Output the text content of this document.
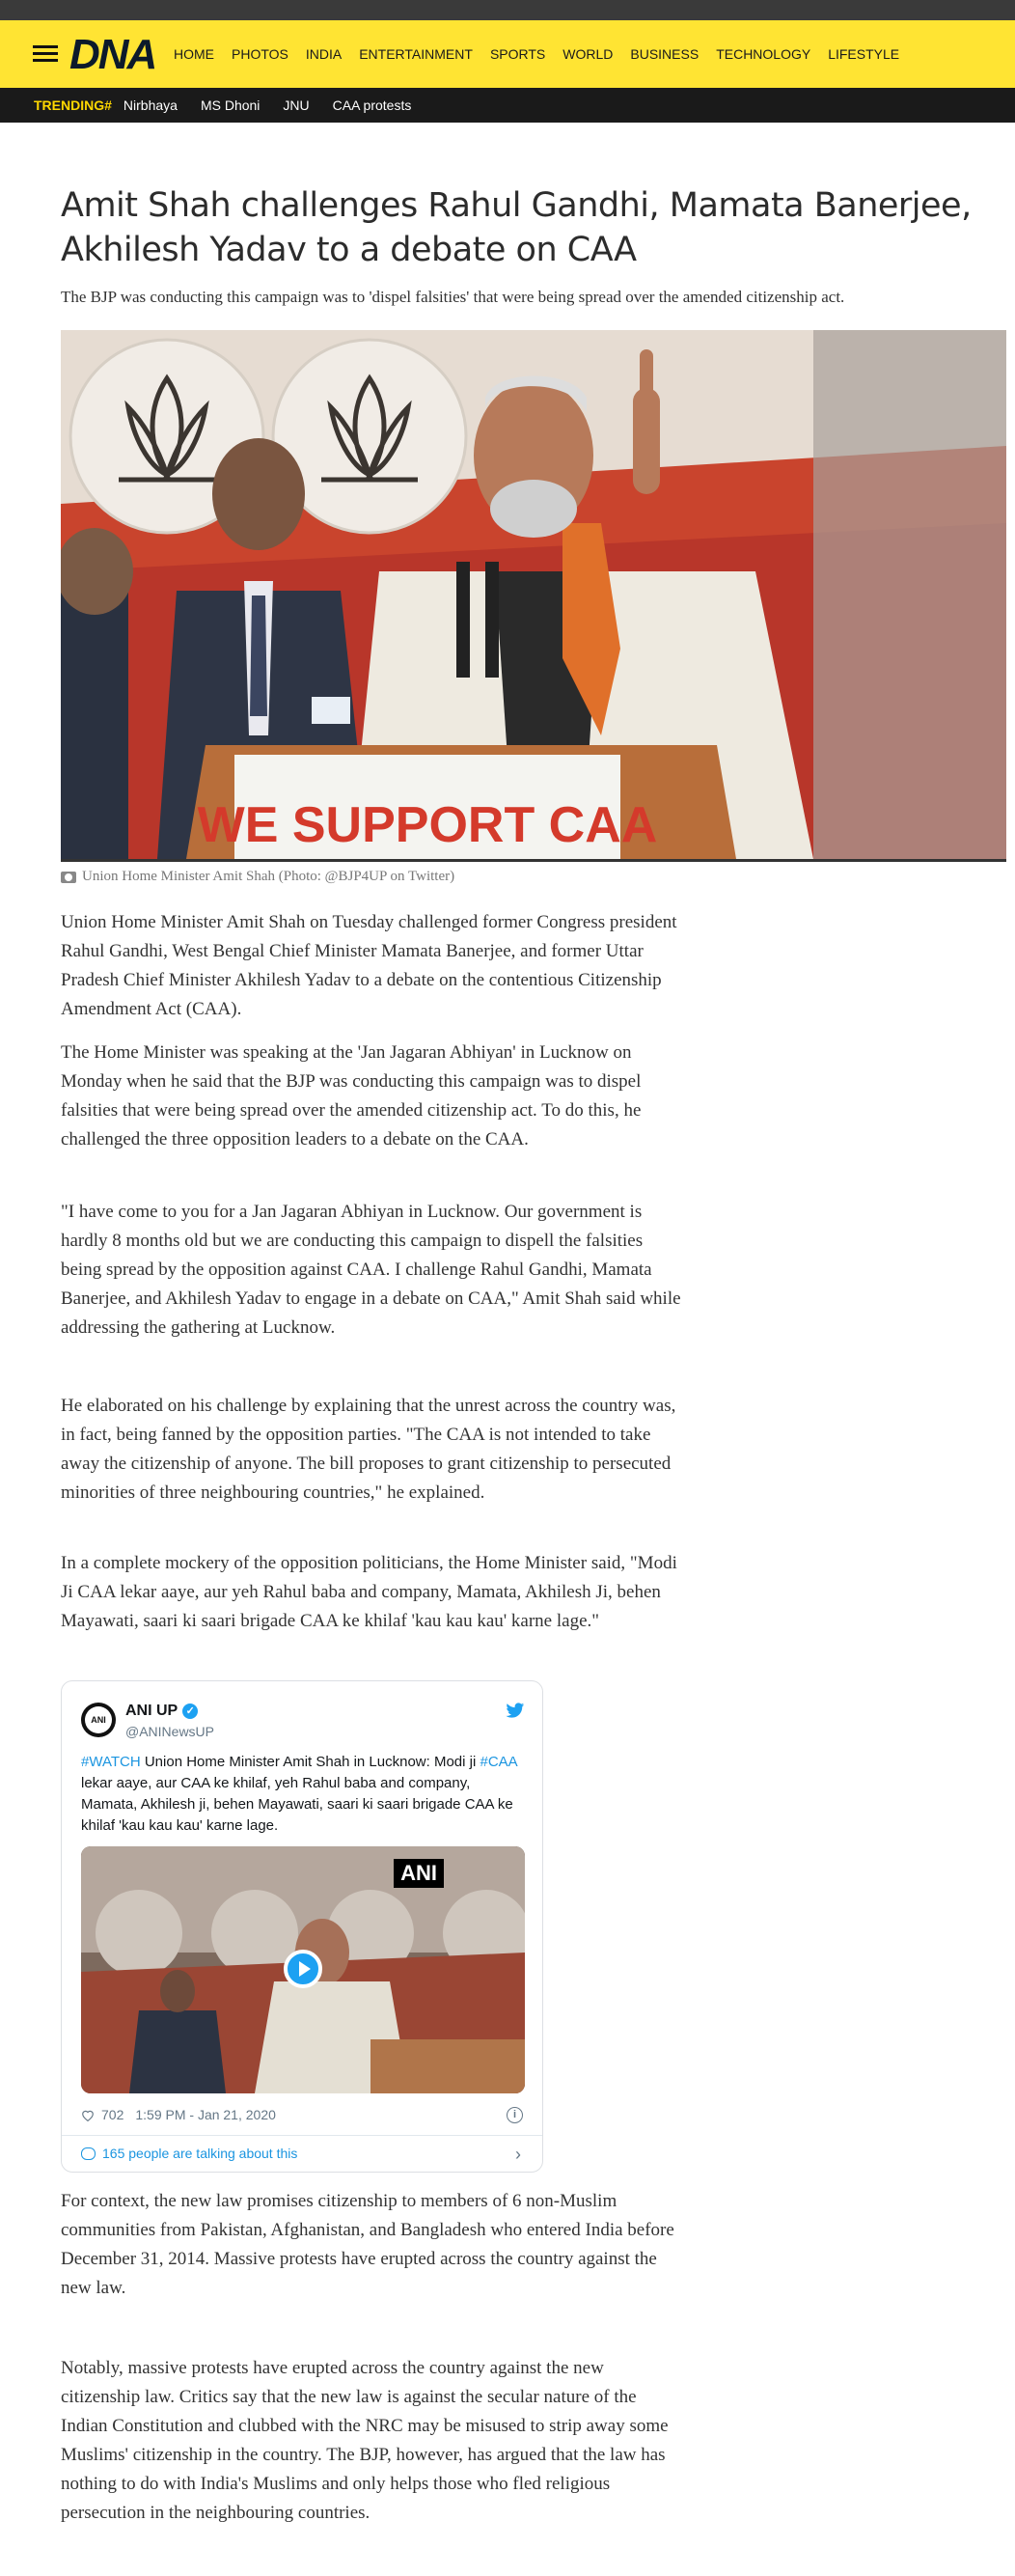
DNA HOME PHOTOS INDIA ENTERTAINMENT SPORTS WORLD BUSINESS TECHNOLOGY LIFESTYLE
TRENDING# Nirbhaya MS Dhoni JNU CAA protests
Amit Shah challenges Rahul Gandhi, Mamata Banerjee, Akhilesh Yadav to a debate on CAA

The BJP was conducting this campaign was to 'dispel falsities' that were being spread over the amended citizenship act.

WE SUPPORT CAA
Union Home Minister Amit Shah (Photo: @BJP4UP on Twitter)

Union Home Minister Amit Shah on Tuesday challenged former Congress president Rahul Gandhi, West Bengal Chief Minister Mamata Banerjee, and former Uttar Pradesh Chief Minister Akhilesh Yadav to a debate on the contentious Citizenship Amendment Act (CAA).

The Home Minister was speaking at the 'Jan Jagaran Abhiyan' in Lucknow on Monday when he said that the BJP was conducting this campaign was to dispel falsities that were being spread over the amended citizenship act. To do this, he challenged the three opposition leaders to a debate on the CAA.

"I have come to you for a Jan Jagaran Abhiyan in Lucknow. Our government is hardly 8 months old but we are conducting this campaign to dispell the falsities being spread by the opposition against CAA. I challenge Rahul Gandhi, Mamata Banerjee, and Akhilesh Yadav to engage in a debate on CAA," Amit Shah said while addressing the gathering at Lucknow.

He elaborated on his challenge by explaining that the unrest across the country was, in fact, being fanned by the opposition parties. "The CAA is not intended to take away the citizenship of anyone. The bill proposes to grant citizenship to persecuted minorities of three neighbouring countries," he explained.

In a complete mockery of the opposition politicians, the Home Minister said, "Modi Ji CAA lekar aaye, aur yeh Rahul baba and company, Mamata, Akhilesh Ji, behen Mayawati, saari ki saari brigade CAA ke khilaf 'kau kau kau' karne lage."

ANI
ANI UP ✓
@ANINewsUP
#WATCH Union Home Minister Amit Shah in Lucknow: Modi ji #CAA lekar aaye, aur CAA ke khilaf, yeh Rahul baba and company, Mamata, Akhilesh ji, behen Mayawati, saari ki saari brigade CAA ke khilaf 'kau kau kau' karne lage.
ANI
702 1:59 PM - Jan 21, 2020	i
165 people are talking about this	›

For context, the new law promises citizenship to members of 6 non-Muslim communities from Pakistan, Afghanistan, and Bangladesh who entered India before December 31, 2014. Massive protests have erupted across the country against the new law.

Notably, massive protests have erupted across the country against the new citizenship law. Critics say that the new law is against the secular nature of the Indian Constitution and clubbed with the NRC may be misused to strip away some Muslims' citizenship in the country. The BJP, however, has argued that the law has nothing to do with India's Muslims and only helps those who fled religious persecution in the neighbouring countries.
